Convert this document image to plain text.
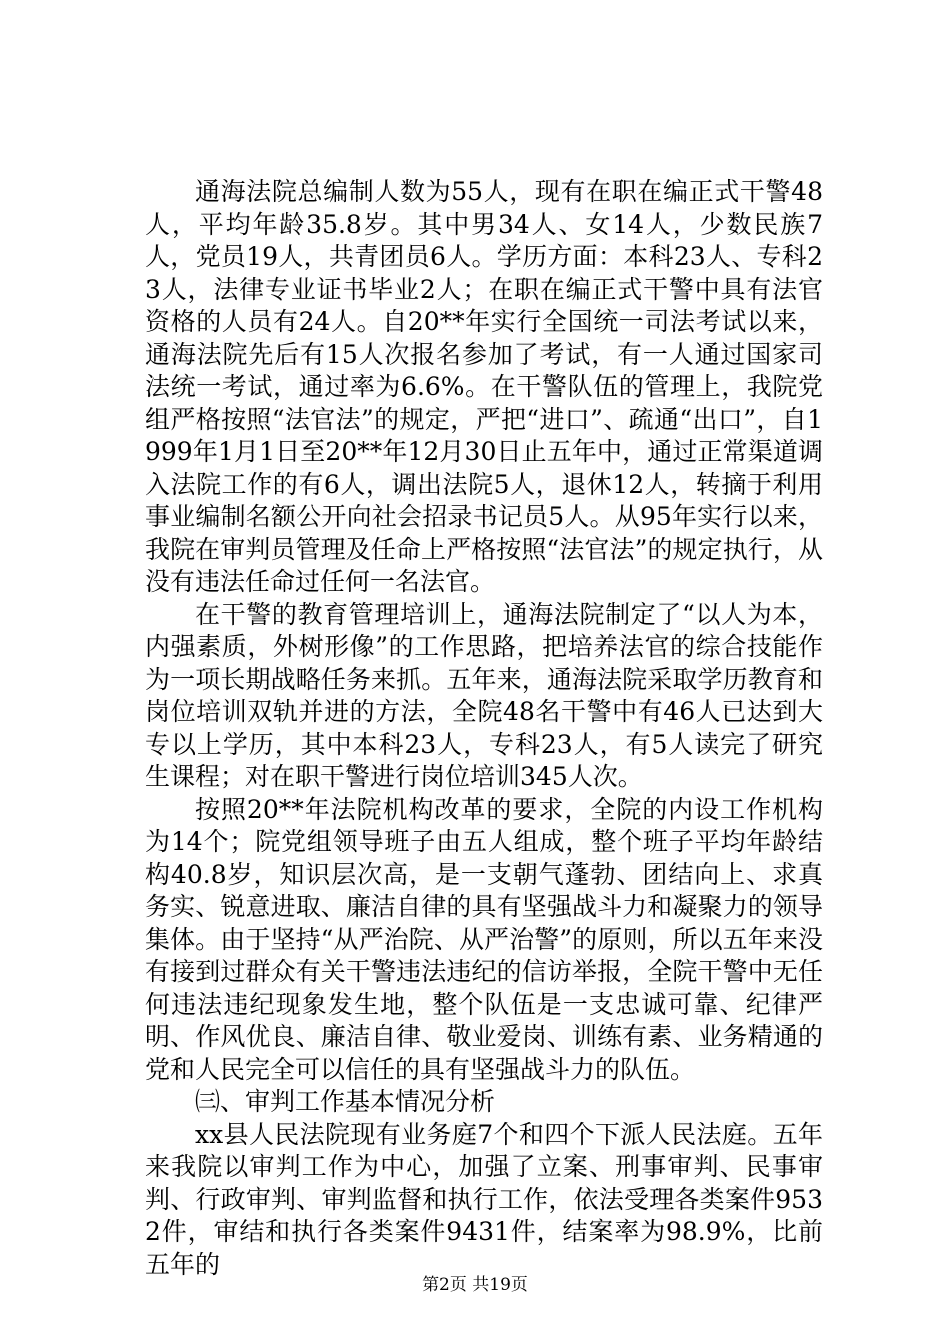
通海法院总编制人数为55人，现有在职在编正式干警48人，平均年龄35.8岁。其中男34人、女14人，少数民族7人，党员19人，共青团员6人。学历方面：本科23人、专科23人，法律专业证书毕业2人；在职在编正式干警中具有法官资格的人员有24人。自20**年实行全国统一司法考试以来，通海法院先后有15人次报名参加了考试，有一人通过国家司法统一考试，通过率为6.6%。在干警队伍的管理上，我院党组严格按照“法官法”的规定，严把“进口”、疏通“出口”，自1999年1月1日至20**年12月30日止五年中，通过正常渠道调入法院工作的有6人，调出法院5人，退休12人，转摘于利用事业编制名额公开向社会招录书记员5人。从95年实行以来，我院在审判员管理及任命上严格按照“法官法”的规定执行，从没有违法任命过任何一名法官。

在干警的教育管理培训上，通海法院制定了“以人为本，内强素质，外树形像”的工作思路，把培养法官的综合技能作为一项长期战略任务来抓。五年来，通海法院采取学历教育和岗位培训双轨并进的方法，全院48名干警中有46人已达到大专以上学历，其中本科23人，专科23人，有5人读完了研究生课程；对在职干警进行岗位培训345人次。

按照20**年法院机构改革的要求，全院的内设工作机构为14个；院党组领导班子由五人组成，整个班子平均年龄结构40.8岁，知识层次高，是一支朝气蓬勃、团结向上、求真务实、锐意进取、廉洁自律的具有坚强战斗力和凝聚力的领导集体。由于坚持“从严治院、从严治警”的原则，所以五年来没有接到过群众有关干警违法违纪的信访举报，全院干警中无任何违法违纪现象发生地，整个队伍是一支忠诚可靠、纪律严明、作风优良、廉洁自律、敬业爱岗、训练有素、业务精通的党和人民完全可以信任的具有坚强战斗力的队伍。

㈢、审判工作基本情况分析

xx县人民法院现有业务庭7个和四个下派人民法庭。五年来我院以审判工作为中心，加强了立案、刑事审判、民事审判、行政审判、审判监督和执行工作，依法受理各类案件9532件，审结和执行各类案件9431件，结案率为98.9%，比前五年的

第2页 共19页
